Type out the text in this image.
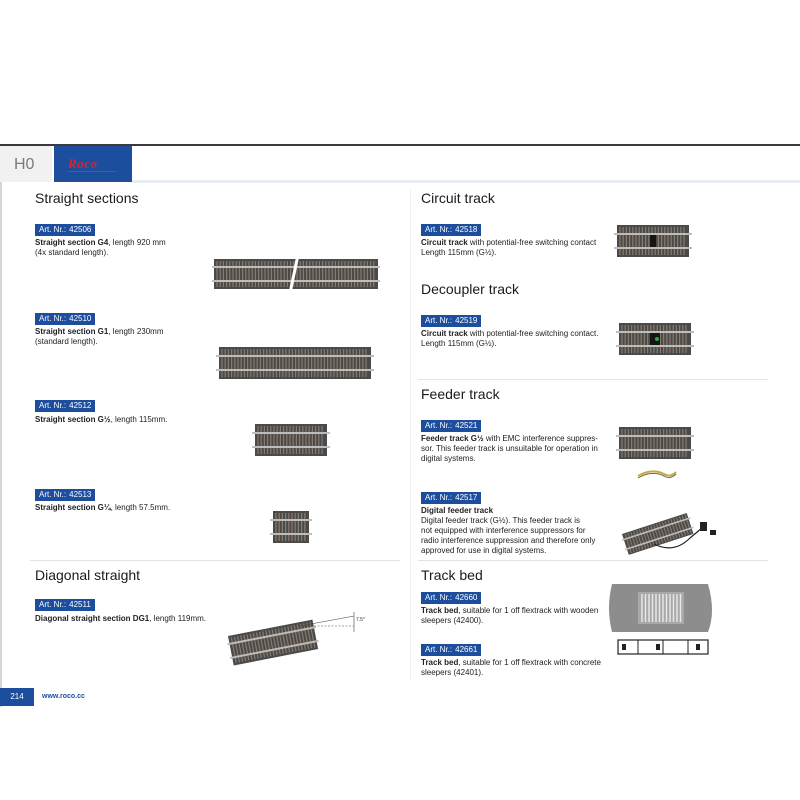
H0	Roco
Straight sections
Art. Nr.: 42506
Straight section G4, length 920 mm
(4x standard length).
Art. Nr.: 42510
Straight section G1, length 230mm
(standard length).
Art. Nr.: 42512
Straight section G½, length 115mm.
Art. Nr.: 42513
Straight section G¼, length 57.5mm.
Diagonal straight
Art. Nr.: 42511
Diagonal straight section DG1, length 119mm.	7.5°
Circuit track
Art. Nr.: 42518
Circuit track with potential-free switching contact
Length 115mm (G½).
Decoupler track
Art. Nr.: 42519
Circuit track with potential-free switching contact.
Length 115mm (G½).
Feeder track
Art. Nr.: 42521
Feeder track G½ with EMC interference suppres-
sor. This feeder track is unsuitable for operation in
digital systems.
Art. Nr.: 42517
Digital feeder track
Digital feeder track (G½). This feeder track is
not equipped with interference suppressors for
radio interference suppression and therefore only
approved for use in digital systems.
Track bed
Art. Nr.: 42660
Track bed, suitable for 1 off flextrack with wooden
sleepers (42400).
Art. Nr.: 42661
Track bed, suitable for 1 off flextrack with concrete
sleepers (42401).
214	www.roco.cc
